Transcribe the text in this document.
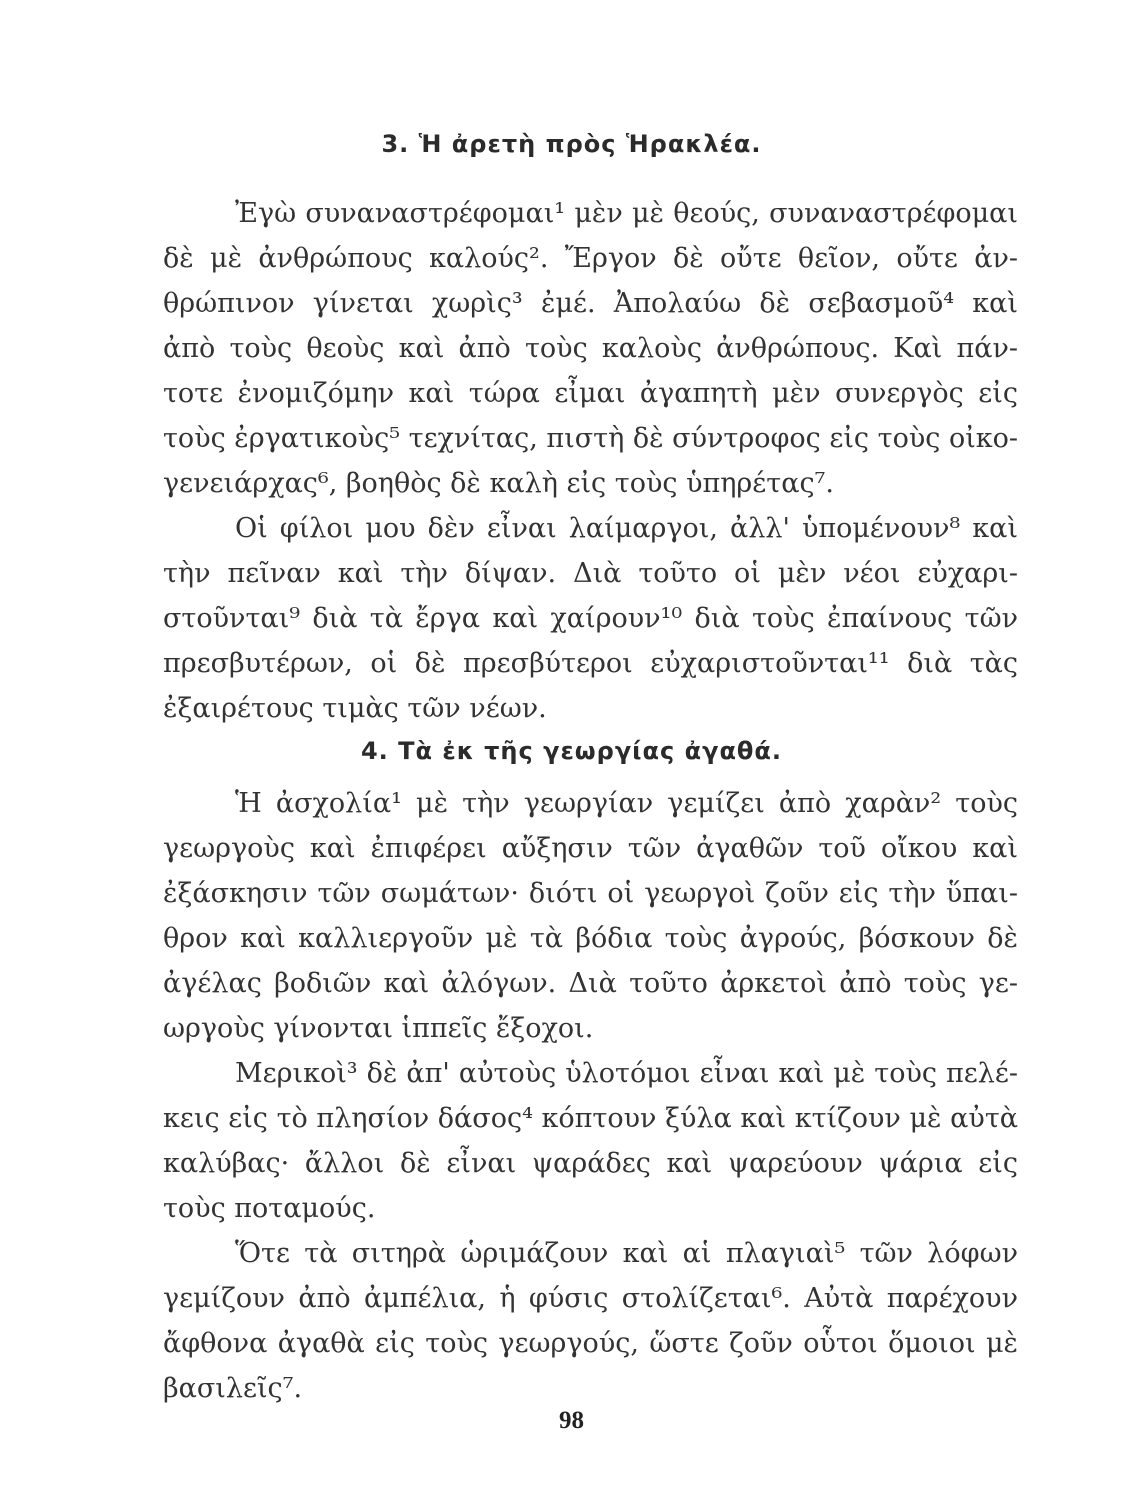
3. Ἡ ἀρετὴ πρὸς Ἡρακλέα.
Ἐγὼ συναναστρέφομαι¹ μὲν μὲ θεούς, συναναστρέφομαι
δὲ μὲ ἀνθρώπους καλούς². Ἔργον δὲ οὔτε θεῖον, οὔτε ἀν-
θρώπινον γίνεται χωρὶς³ ἐμέ. Ἀπολαύω δὲ σεβασμοῦ⁴ καὶ
ἀπὸ τοὺς θεοὺς καὶ ἀπὸ τοὺς καλοὺς ἀνθρώπους. Καὶ πάν-
τοτε ἐνομιζόμην καὶ τώρα εἶμαι ἀγαπητὴ μὲν συνεργὸς εἰς
τοὺς ἐργατικοὺς⁵ τεχνίτας, πιστὴ δὲ σύντροφος εἰς τοὺς οἰκο-
γενειάρχας⁶, βοηθὸς δὲ καλὴ εἰς τοὺς ὑπηρέτας⁷.
Οἱ φίλοι μου δὲν εἶναι λαίμαργοι, ἀλλ' ὑπομένουν⁸ καὶ
τὴν πεῖναν καὶ τὴν δίψαν. Διὰ τοῦτο οἱ μὲν νέοι εὐχαρι-
στοῦνται⁹ διὰ τὰ ἔργα καὶ χαίρουν¹⁰ διὰ τοὺς ἐπαίνους τῶν
πρεσβυτέρων, οἱ δὲ πρεσβύτεροι εὐχαριστοῦνται¹¹ διὰ τὰς
ἐξαιρέτους τιμὰς τῶν νέων.
4. Τὰ ἐκ τῆς γεωργίας ἀγαθά.
Ἡ ἀσχολία¹ μὲ τὴν γεωργίαν γεμίζει ἀπὸ χαρὰν² τοὺς
γεωργοὺς καὶ ἐπιφέρει αὔξησιν τῶν ἀγαθῶν τοῦ οἴκου καὶ
ἐξάσκησιν τῶν σωμάτων· διότι οἱ γεωργοὶ ζοῦν εἰς τὴν ὕπαι-
θρον καὶ καλλιεργοῦν μὲ τὰ βόδια τοὺς ἀγρούς, βόσκουν δὲ
ἀγέλας βοδιῶν καὶ ἀλόγων. Διὰ τοῦτο ἀρκετοὶ ἀπὸ τοὺς γε-
ωργοὺς γίνονται ἱππεῖς ἔξοχοι.
Μερικοὶ³ δὲ ἀπ' αὐτοὺς ὑλοτόμοι εἶναι καὶ μὲ τοὺς πελέ-
κεις εἰς τὸ πλησίον δάσος⁴ κόπτουν ξύλα καὶ κτίζουν μὲ αὐτὰ
καλύβας· ἄλλοι δὲ εἶναι ψαράδες καὶ ψαρεύουν ψάρια εἰς
τοὺς ποταμούς.
Ὅτε τὰ σιτηρὰ ὡριμάζουν καὶ αἱ πλαγιαὶ⁵ τῶν λόφων
γεμίζουν ἀπὸ ἀμπέλια, ἡ φύσις στολίζεται⁶. Αὐτὰ παρέχουν
ἄφθονα ἀγαθὰ εἰς τοὺς γεωργούς, ὥστε ζοῦν οὗτοι ὅμοιοι μὲ
βασιλεῖς⁷.
98
